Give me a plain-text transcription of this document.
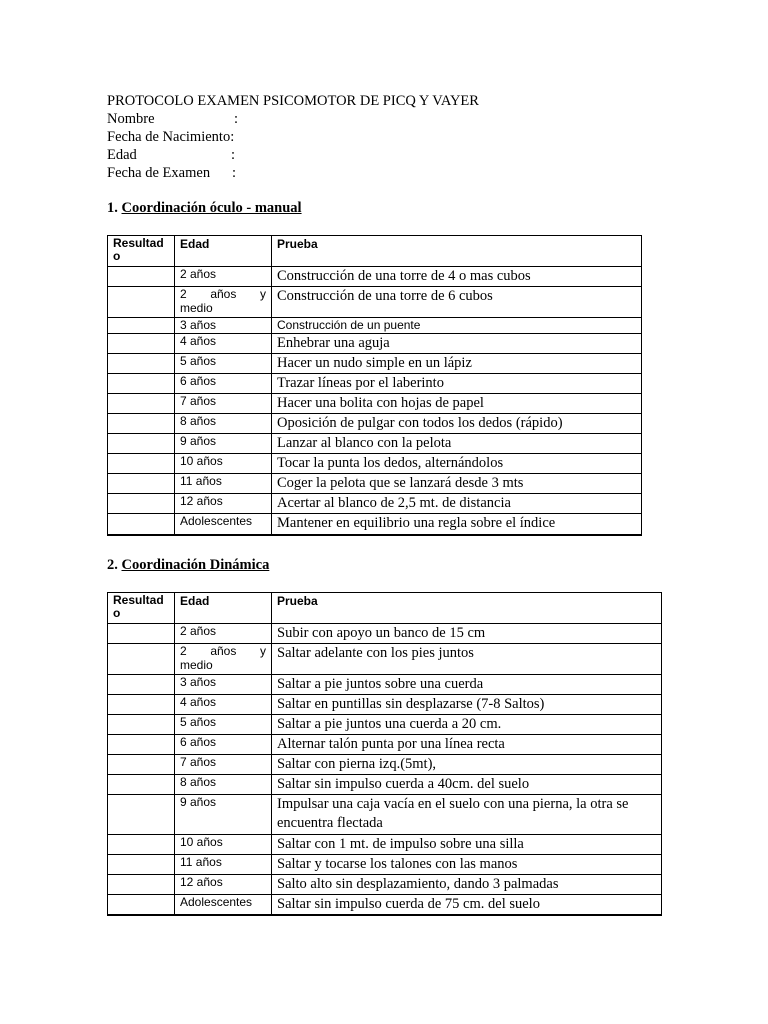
PROTOCOLO EXAMEN PSICOMOTOR DE PICQ Y VAYER
Nombre	:
Fecha de Nacimiento:
Edad	:
Fecha de Examen :
1. Coordinación óculo - manual
Resultado	Edad	Prueba
	2 años	Construcción de una torre de 4 o mas cubos

	2 años y
medio	Construcción de una torre de 6 cubos
	3 años	Construcción de un puente
	4 años	Enhebrar una aguja
	5 años	Hacer un nudo simple en un lápiz
	6 años	Trazar líneas por el laberinto
	7 años	Hacer una bolita con hojas de papel
	8 años	Oposición de pulgar con todos los dedos (rápido)
	9 años	Lanzar al blanco con la pelota
	10 años	Tocar la punta los dedos, alternándolos
	11 años	Coger la pelota que se lanzará desde 3 mts
	12 años	Acertar al blanco de 2,5 mt. de distancia
	Adolescentes	Mantener en equilibrio una regla sobre el índice
2. Coordinación Dinámica
Resultado	Edad	Prueba
	2 años	Subir con apoyo un banco de 15 cm

	2 años y
medio	Saltar adelante con los pies juntos
	3 años	Saltar a pie juntos sobre una cuerda
	4 años	Saltar en puntillas sin desplazarse (7-8 Saltos)
	5 años	Saltar a pie juntos una cuerda a 20 cm.
	6 años	Alternar talón punta por una línea recta
	7 años	Saltar con pierna izq.(5mt),
	8 años	Saltar sin impulso cuerda a 40cm. del suelo
	9 años	Impulsar una caja vacía en el suelo con una pierna, la otra se encuentra flectada
	10 años	Saltar con 1 mt. de impulso sobre una silla
	11 años	Saltar y tocarse los talones con las manos
	12 años	Salto alto sin desplazamiento, dando 3 palmadas
	Adolescentes	Saltar sin impulso cuerda de 75 cm. del suelo
